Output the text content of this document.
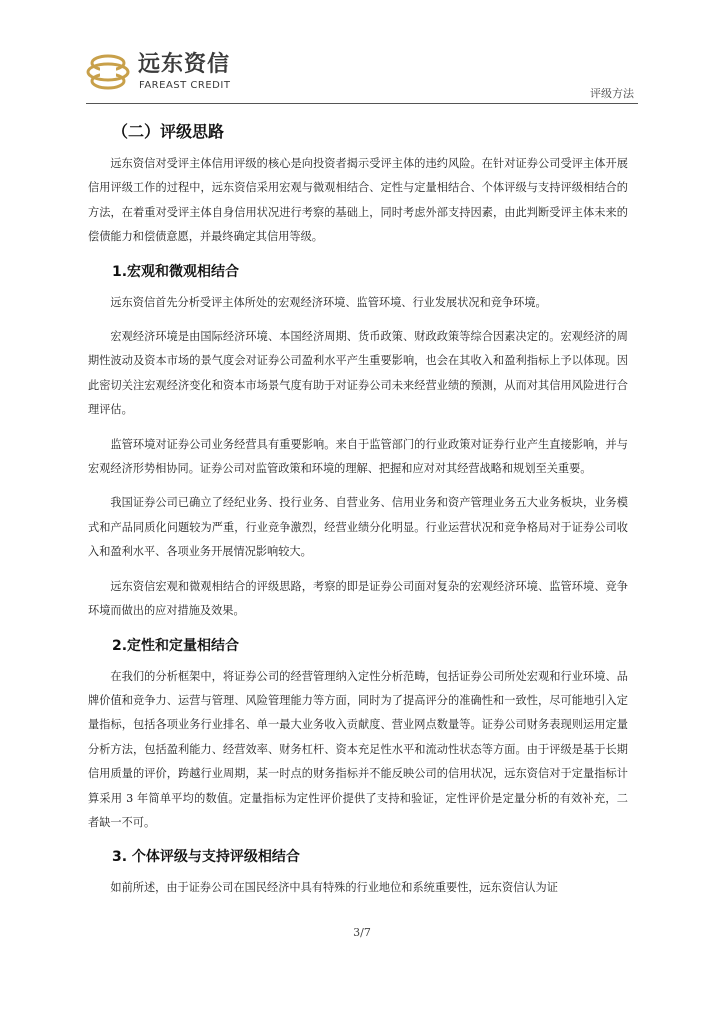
远东资信
FAREAST CREDIT
评级方法
（二）评级思路

远东资信对受评主体信用评级的核心是向投资者揭示受评主体的违约风险。在针对证券公司受评主体开展信用评级工作的过程中，远东资信采用宏观与微观相结合、定性与定量相结合、个体评级与支持评级相结合的方法，在着重对受评主体自身信用状况进行考察的基础上，同时考虑外部支持因素，由此判断受评主体未来的偿债能力和偿债意愿，并最终确定其信用等级。

1.宏观和微观相结合

远东资信首先分析受评主体所处的宏观经济环境、监管环境、行业发展状况和竞争环境。

宏观经济环境是由国际经济环境、本国经济周期、货币政策、财政政策等综合因素决定的。宏观经济的周期性波动及资本市场的景气度会对证券公司盈利水平产生重要影响，也会在其收入和盈利指标上予以体现。因此密切关注宏观经济变化和资本市场景气度有助于对证券公司未来经营业绩的预测，从而对其信用风险进行合理评估。

监管环境对证券公司业务经营具有重要影响。来自于监管部门的行业政策对证券行业产生直接影响，并与宏观经济形势相协同。证券公司对监管政策和环境的理解、把握和应对对其经营战略和规划至关重要。

我国证券公司已确立了经纪业务、投行业务、自营业务、信用业务和资产管理业务五大业务板块，业务模式和产品同质化问题较为严重，行业竞争激烈，经营业绩分化明显。行业运营状况和竞争格局对于证券公司收入和盈利水平、各项业务开展情况影响较大。

远东资信宏观和微观相结合的评级思路，考察的即是证券公司面对复杂的宏观经济环境、监管环境、竞争环境而做出的应对措施及效果。

2.定性和定量相结合

在我们的分析框架中，将证券公司的经营管理纳入定性分析范畴，包括证券公司所处宏观和行业环境、品牌价值和竞争力、运营与管理、风险管理能力等方面，同时为了提高评分的准确性和一致性，尽可能地引入定量指标，包括各项业务行业排名、单一最大业务收入贡献度、营业网点数量等。证券公司财务表现则运用定量分析方法，包括盈利能力、经营效率、财务杠杆、资本充足性水平和流动性状态等方面。由于评级是基于长期信用质量的评价，跨越行业周期，某一时点的财务指标并不能反映公司的信用状况，远东资信对于定量指标计算采用 3 年简单平均的数值。定量指标为定性评价提供了支持和验证，定性评价是定量分析的有效补充，二者缺一不可。

3. 个体评级与支持评级相结合

如前所述，由于证券公司在国民经济中具有特殊的行业地位和系统重要性，远东资信认为证

3/7
